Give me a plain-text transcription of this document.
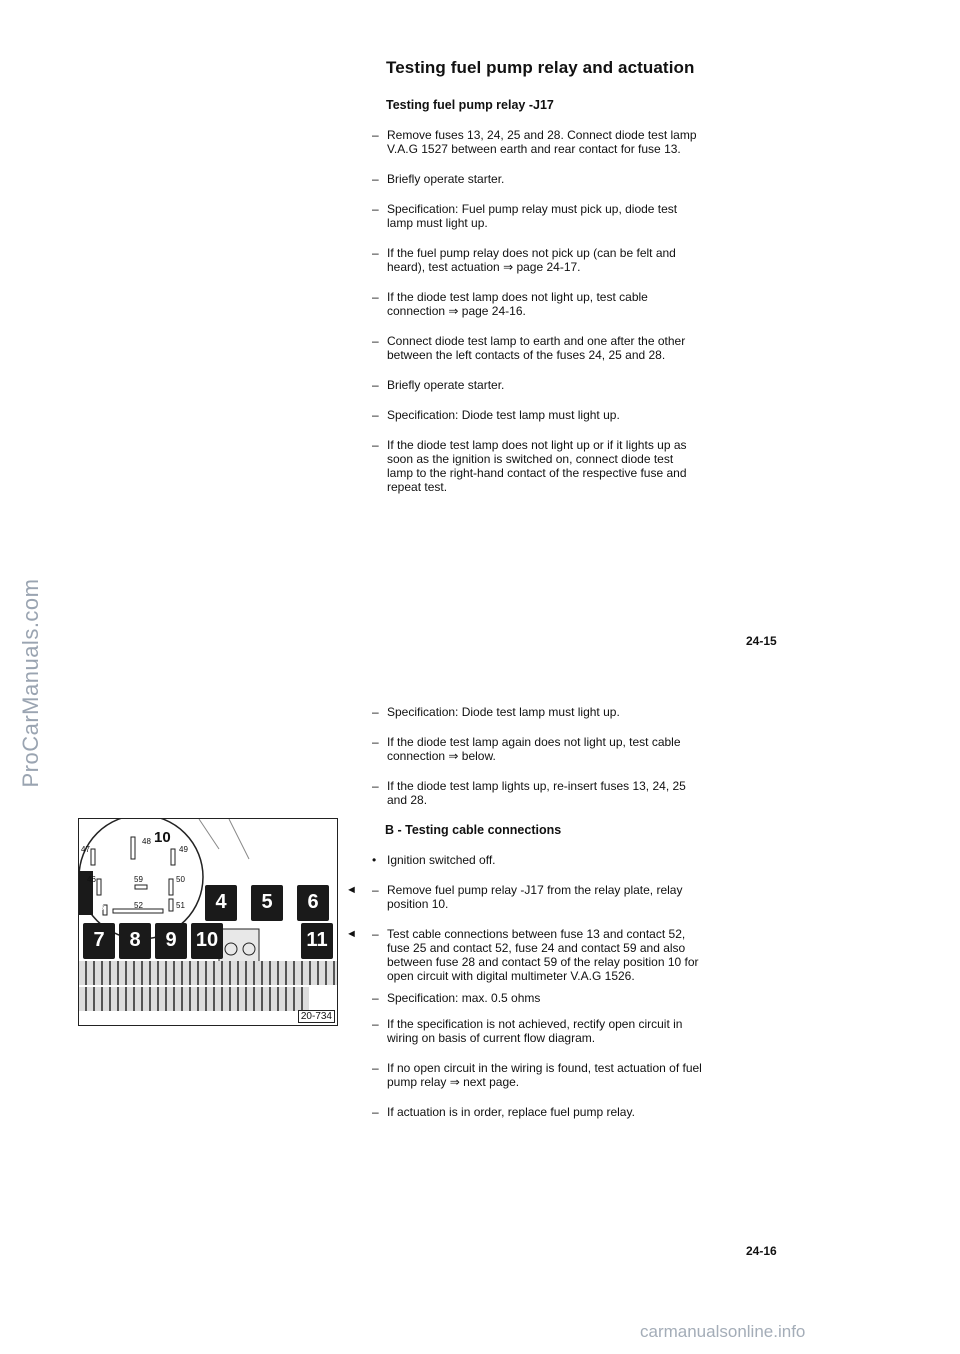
ProCarManuals.com
Testing fuel pump relay and actuation
Testing fuel pump relay -J17
– Remove fuses 13, 24, 25 and 28. Connect diode test lamp V.A.G 1527 between earth and rear contact for fuse 13.
– Briefly operate starter.
– Specification: Fuel pump relay must pick up, diode test lamp must light up.
– If the fuel pump relay does not pick up (can be felt and heard), test actuation ⇒ page 24-17.
– If the diode test lamp does not light up, test cable connection ⇒ page 24-16.
– Connect diode test lamp to earth and one after the other between the left contacts of the fuses 24, 25 and 28.
– Briefly operate starter.
– Specification: Diode test lamp must light up.
– If the diode test lamp does not light up or if it lights up as soon as the ignition is switched on, connect diode test lamp to the right-hand contact of the respective fuse and repeat test.
24-15
– Specification: Diode test lamp must light up.
– If the diode test lamp again does not light up, test cable connection ⇒ below.
– If the diode test lamp lights up, re-insert fuses 13, 24, 25 and 28.
B - Testing cable connections
• Ignition switched off.
◄ – Remove fuel pump relay -J17 from the relay plate, relay position 10.
◄ – Test cable connections between fuse 13 and contact 52, fuse 25 and contact 52, fuse 24 and contact 59 and also between fuse 28 and contact 59 of the relay position 10 for open circuit with digital multimeter V.A.G 1526.
– Specification: max. 0.5 ohms
– If the specification is not achieved, rectify open circuit in wiring on basis of current flow diagram.
– If no open circuit in the wiring is found, test actuation of fuel pump relay ⇒ next page.
– If actuation is in order, replace fuel pump relay.
24-16
10
47
48
49
46	59	50
53	52	51	4	5	6
7	8	9 10	11
20-734
carmanualsonline.info
